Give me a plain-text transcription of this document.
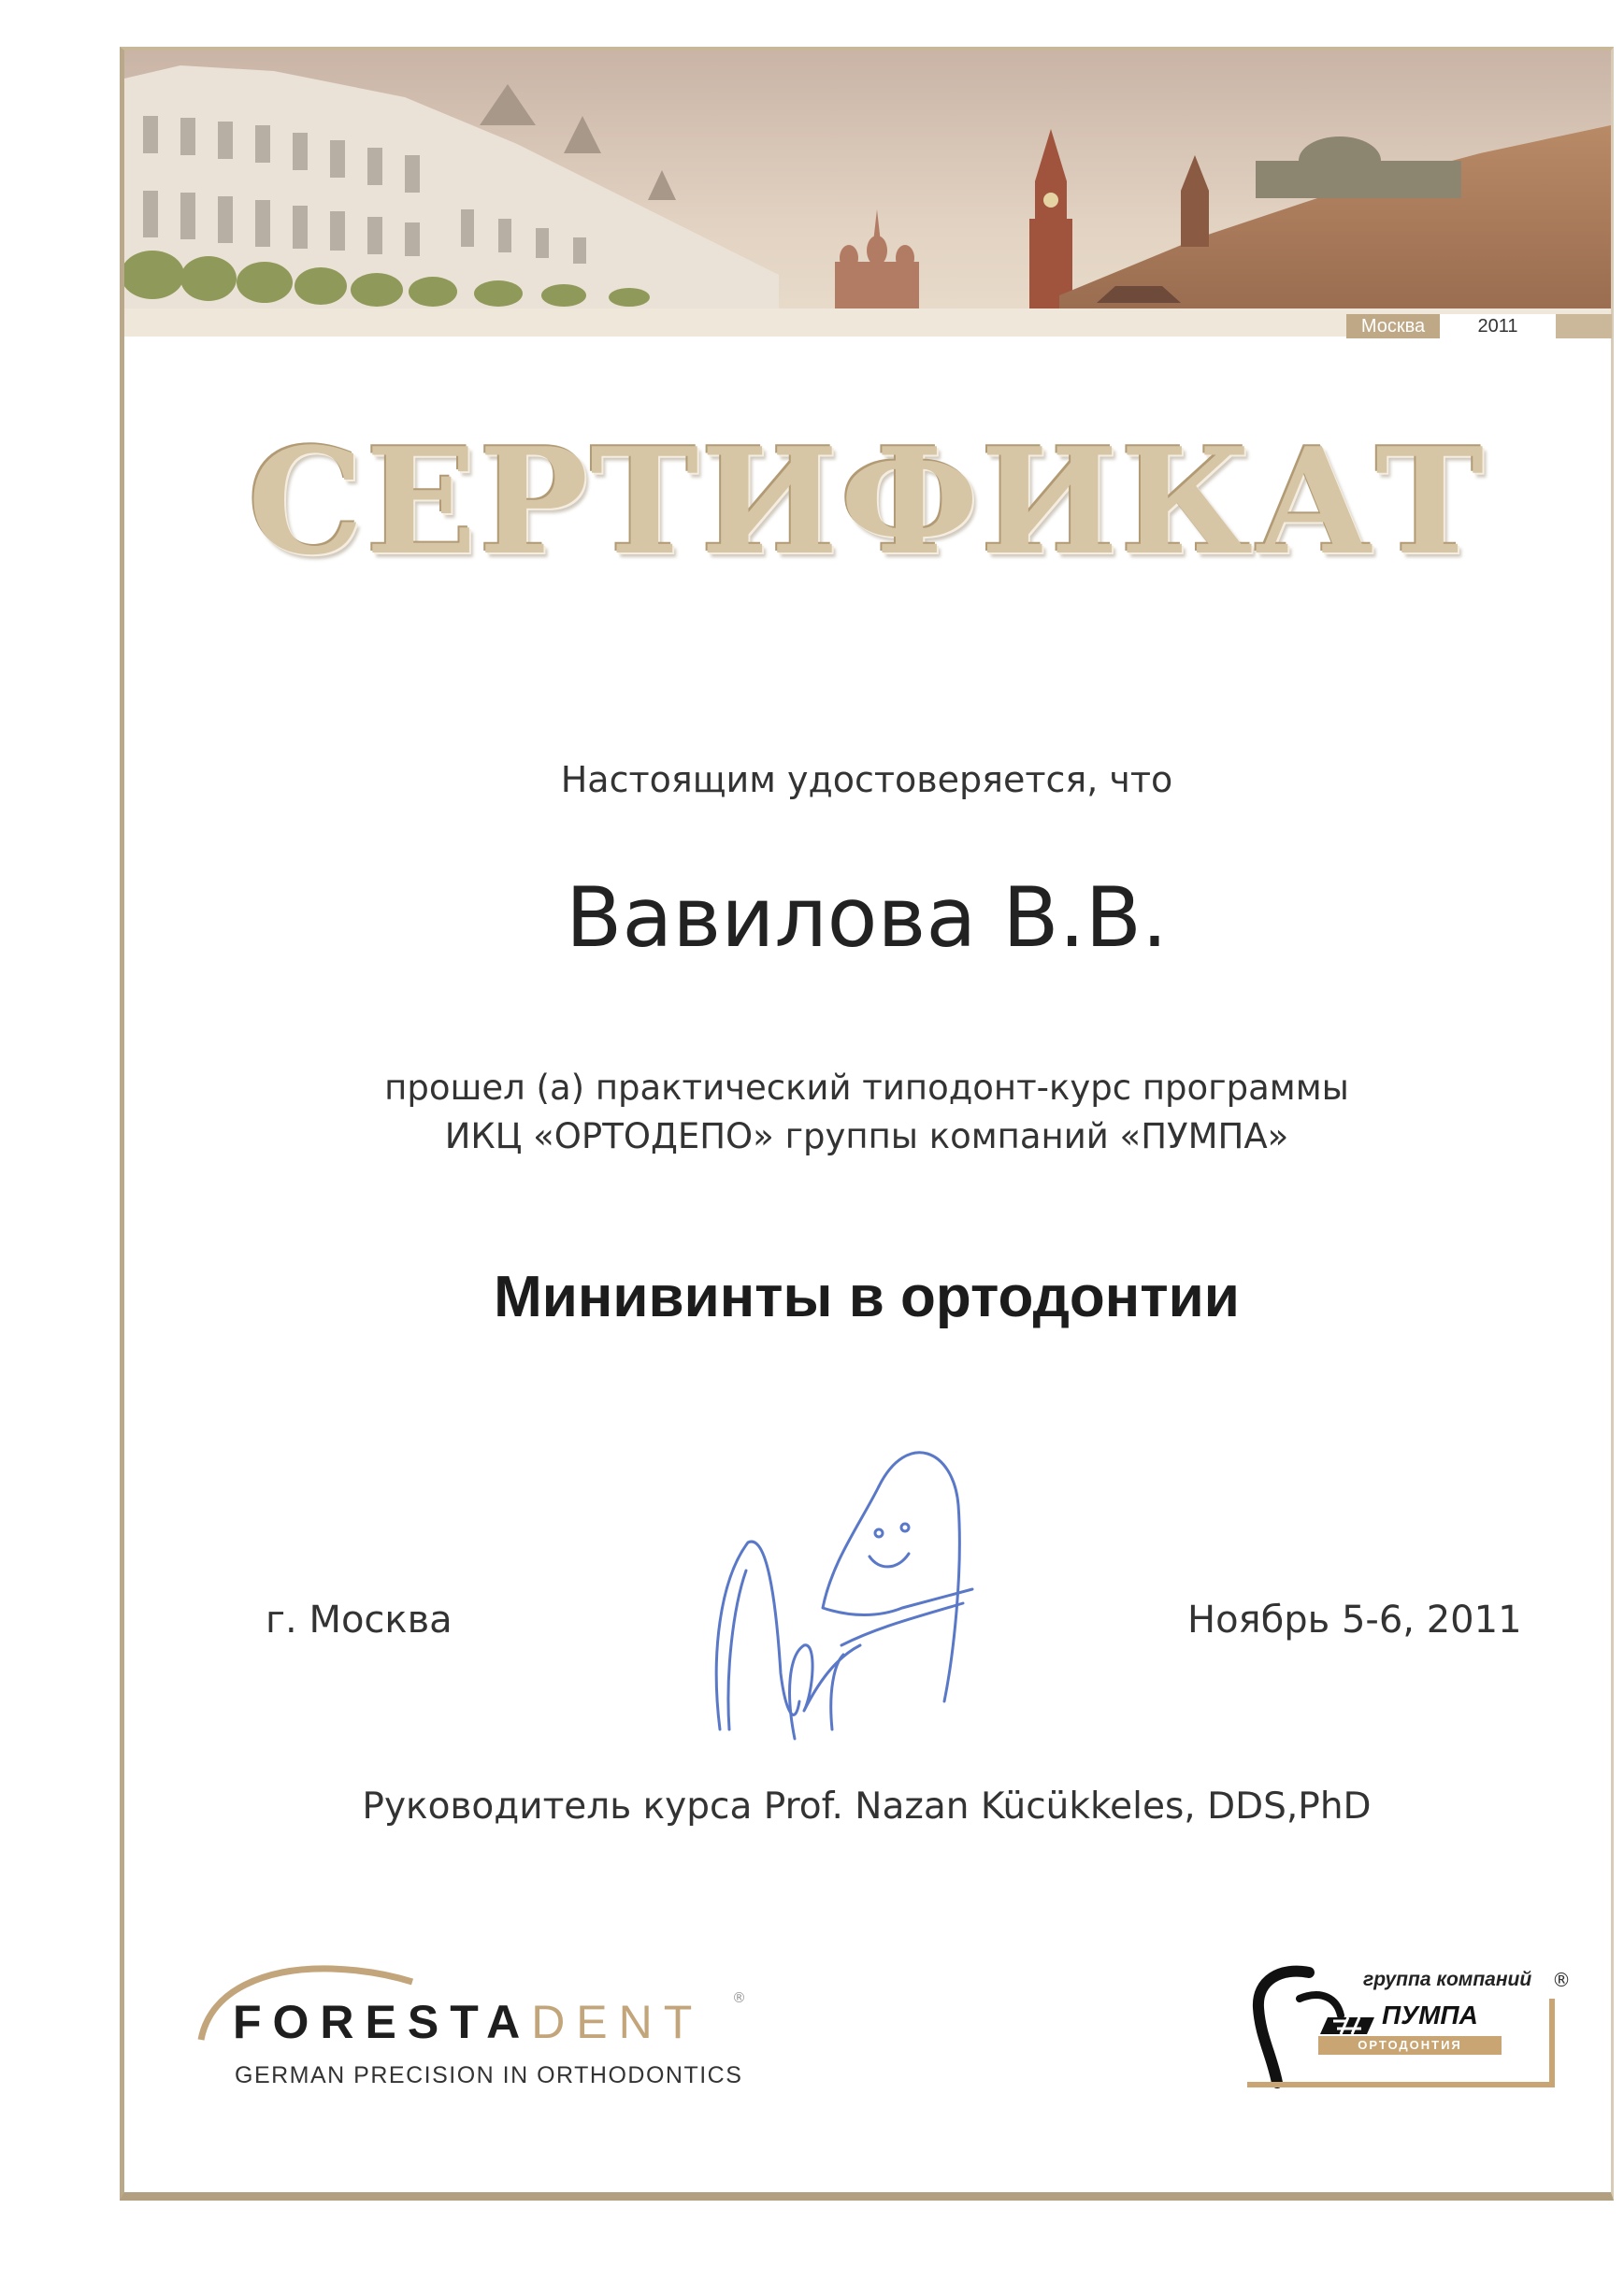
Москва	2011
СЕРТИФИКАТ
Настоящим удостоверяется, что
Вавилова В.В.
прошел (а) практический типодонт-курс программы
ИКЦ «ОРТОДЕПО» группы компаний «ПУМПА»
Минивинты в ортодонтии
г. Москва	Ноябрь 5-6, 2011
Руководитель курса Prof. Nazan Kücükkeles, DDS,PhD
FORESTADENT ®
GERMAN PRECISION IN ORTHODONTICS
группа компаний ®
ПУМПА
ОРТОДОНТИЯ
